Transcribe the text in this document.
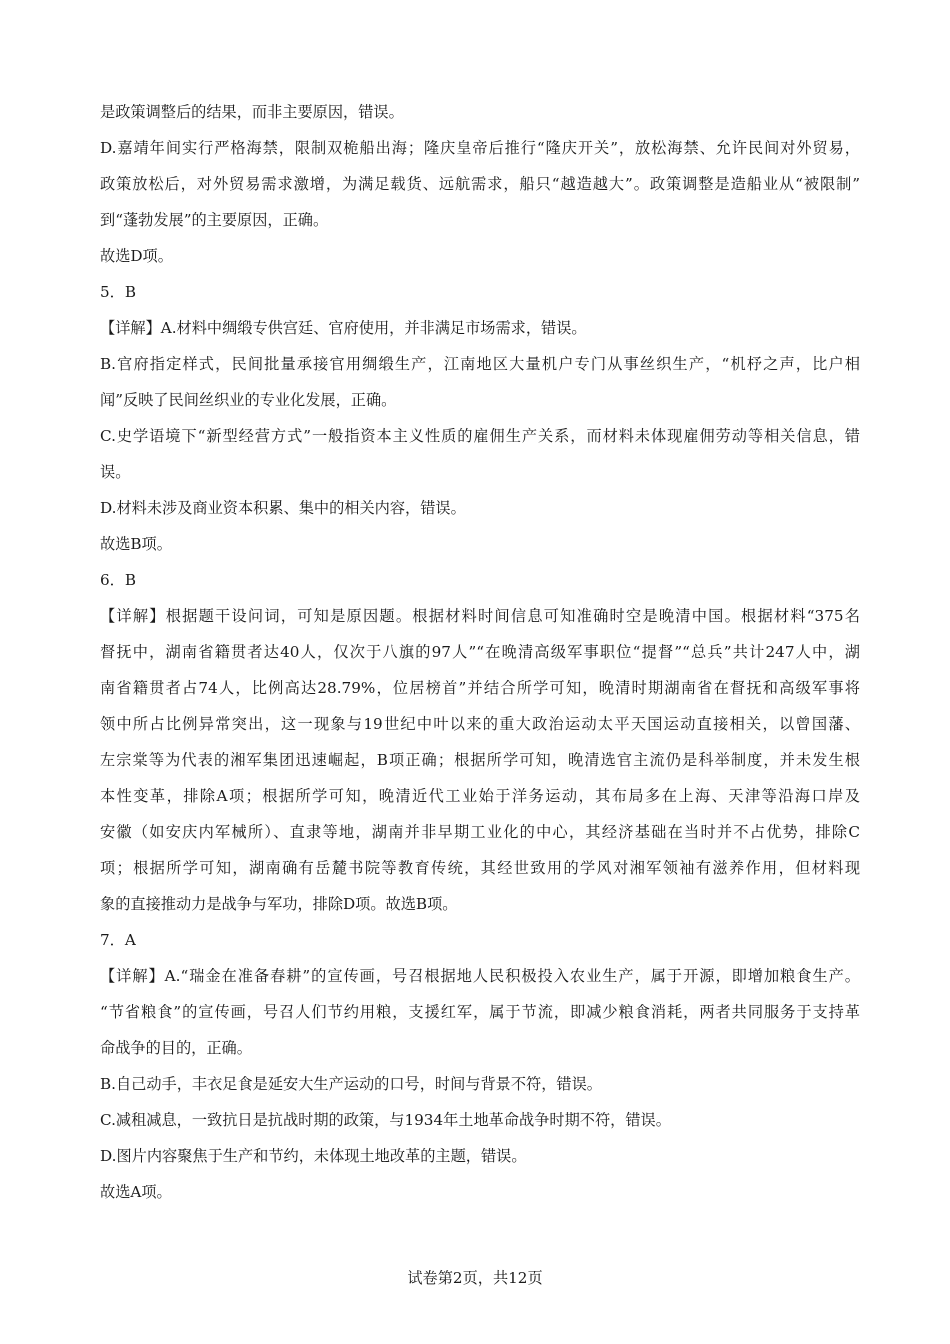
是政策调整后的结果，而非主要原因，错误。
D.嘉靖年间实行严格海禁，限制双桅船出海；隆庆皇帝后推行“隆庆开关”，放松海禁、允许民间对外贸易，
政策放松后，对外贸易需求激增，为满足载货、远航需求，船只“越造越大”。政策调整是造船业从“被限制”
到“蓬勃发展”的主要原因，正确。
故选D项。
5．B
【详解】A.材料中绸缎专供宫廷、官府使用，并非满足市场需求，错误。
B.官府指定样式，民间批量承接官用绸缎生产，江南地区大量机户专门从事丝织生产，“机杼之声，比户相
闻”反映了民间丝织业的专业化发展，正确。
C.史学语境下“新型经营方式”一般指资本主义性质的雇佣生产关系，而材料未体现雇佣劳动等相关信息，错
误。
D.材料未涉及商业资本积累、集中的相关内容，错误。
故选B项。
6．B
【详解】根据题干设问词，可知是原因题。根据材料时间信息可知准确时空是晚清中国。根据材料“375名
督抚中，湖南省籍贯者达40人，仅次于八旗的97人”“在晚清高级军事职位“提督”“总兵”共计247人中，湖
南省籍贯者占74人，比例高达28.79%，位居榜首”并结合所学可知，晚清时期湖南省在督抚和高级军事将
领中所占比例异常突出，这一现象与19世纪中叶以来的重大政治运动太平天国运动直接相关，以曾国藩、
左宗棠等为代表的湘军集团迅速崛起，B项正确；根据所学可知，晚清选官主流仍是科举制度，并未发生根
本性变革，排除A项；根据所学可知，晚清近代工业始于洋务运动，其布局多在上海、天津等沿海口岸及
安徽（如安庆内军械所）、直隶等地，湖南并非早期工业化的中心，其经济基础在当时并不占优势，排除C
项；根据所学可知，湖南确有岳麓书院等教育传统，其经世致用的学风对湘军领袖有滋养作用，但材料现
象的直接推动力是战争与军功，排除D项。故选B项。
7．A
【详解】A.“瑞金在准备春耕”的宣传画，号召根据地人民积极投入农业生产，属于开源，即增加粮食生产。
“节省粮食”的宣传画，号召人们节约用粮，支援红军，属于节流，即减少粮食消耗，两者共同服务于支持革
命战争的目的，正确。
B.自己动手，丰衣足食是延安大生产运动的口号，时间与背景不符，错误。
C.减租减息，一致抗日是抗战时期的政策，与1934年土地革命战争时期不符，错误。
D.图片内容聚焦于生产和节约，未体现土地改革的主题，错误。
故选A项。
试卷第2页，共12页
